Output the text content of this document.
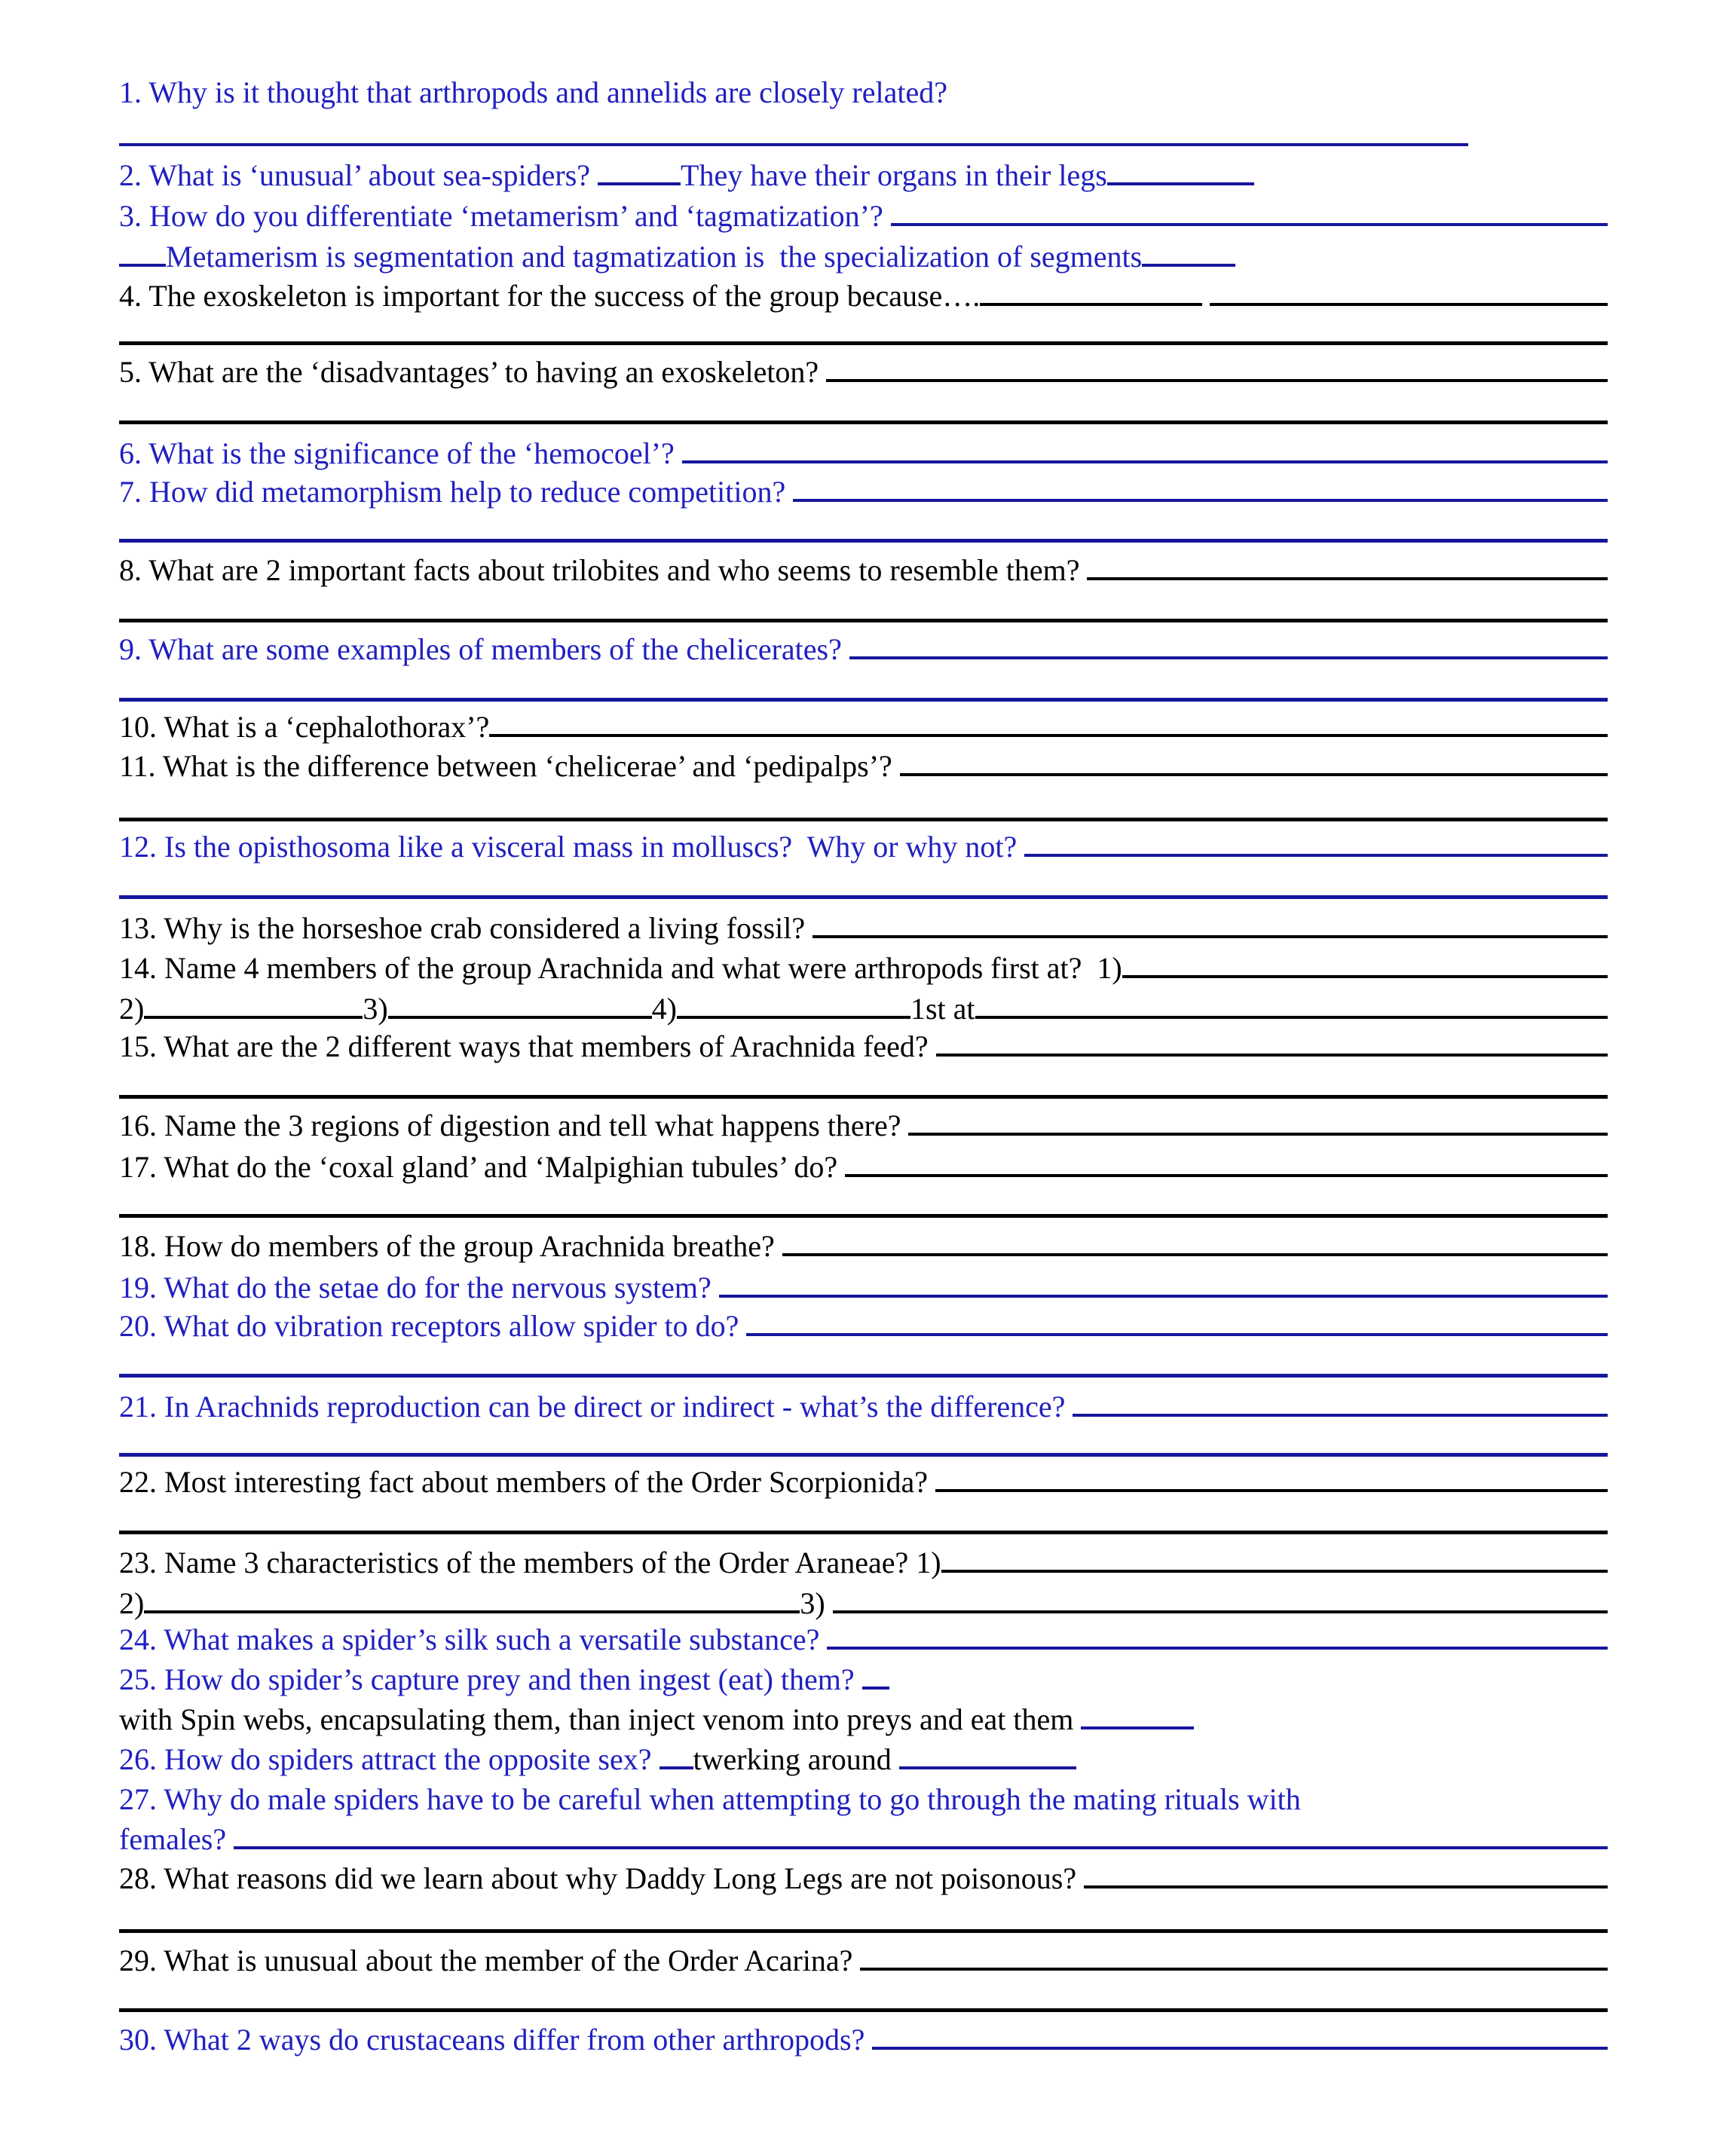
1. Why is it thought that arthropods and annelids are closely related?
2. What is ‘unusual’ about sea-spiders?	They have their organs in their legs
3. How do you differentiate ‘metamerism’ and ‘tagmatization’?
Metamerism is segmentation and tagmatization is  the specialization of segments
4. The exoskeleton is important for the success of the group because….

5. What are the ‘disadvantages’ to having an exoskeleton?
6. What is the significance of the ‘hemocoel’?
7. How did metamorphism help to reduce competition?
8. What are 2 important facts about trilobites and who seems to resemble them?
9. What are some examples of members of the chelicerates?
10. What is a ‘cephalothorax’?
11. What is the difference between ‘chelicerae’ and ‘pedipalps’?
12. Is the opisthosoma like a visceral mass in molluscs?  Why or why not?
13. Why is the horseshoe crab considered a living fossil?
14. Name 4 members of the group Arachnida and what were arthropods first at?  1)
2)	3)	4)	1st at
15. What are the 2 different ways that members of Arachnida feed?
16. Name the 3 regions of digestion and tell what happens there?
17. What do the ‘coxal gland’ and ‘Malpighian tubules’ do?
18. How do members of the group Arachnida breathe?
19. What do the setae do for the nervous system?
20. What do vibration receptors allow spider to do?
21. In Arachnids reproduction can be direct or indirect - what’s the difference?
22. Most interesting fact about members of the Order Scorpionida?
23. Name 3 characteristics of the members of the Order Araneae? 1)
2)	3)
24. What makes a spider’s silk such a versatile substance?
25. How do spider’s capture prey and then ingest (eat) them?
with Spin webs, encapsulating them, than inject venom into preys and eat them
26. How do spiders attract the opposite sex? twerking around
27. Why do male spiders have to be careful when attempting to go through the mating rituals with
females?
28. What reasons did we learn about why Daddy Long Legs are not poisonous?
29. What is unusual about the member of the Order Acarina?
30. What 2 ways do crustaceans differ from other arthropods?
